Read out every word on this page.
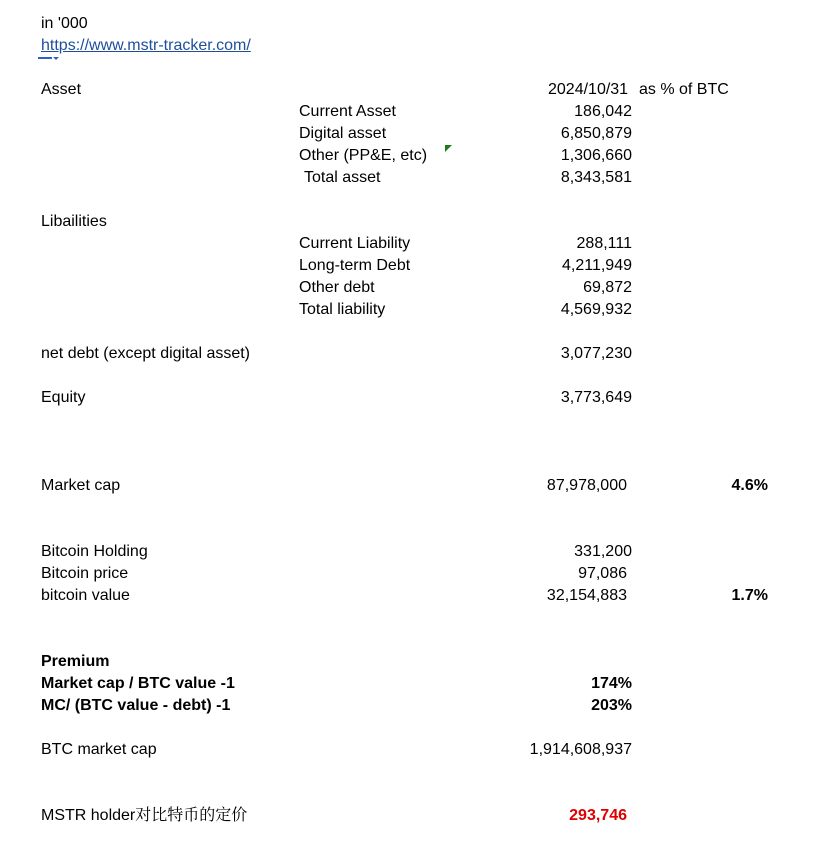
in '000
https://www.mstr-tracker.com/
Asset	2024/10/31 as % of BTC
Current Asset	186,042
Digital asset	6,850,879
Other (PP&E, etc)	1,306,660
Total asset	8,343,581
Libailities
Current Liability	288,111
Long-term Debt	4,211,949
Other debt	69,872
Total liability	4,569,932
net debt (except digital asset)	3,077,230
Equity	3,773,649
Market cap	87,978,000	4.6%
Bitcoin Holding	331,200
Bitcoin price	97,086
bitcoin value	32,154,883	1.7%
Premium
Market cap / BTC value -1	174%
MC/ (BTC value - debt) -1	203%
BTC market cap	1,914,608,937
MSTR holder对比特币的定价	293,746
